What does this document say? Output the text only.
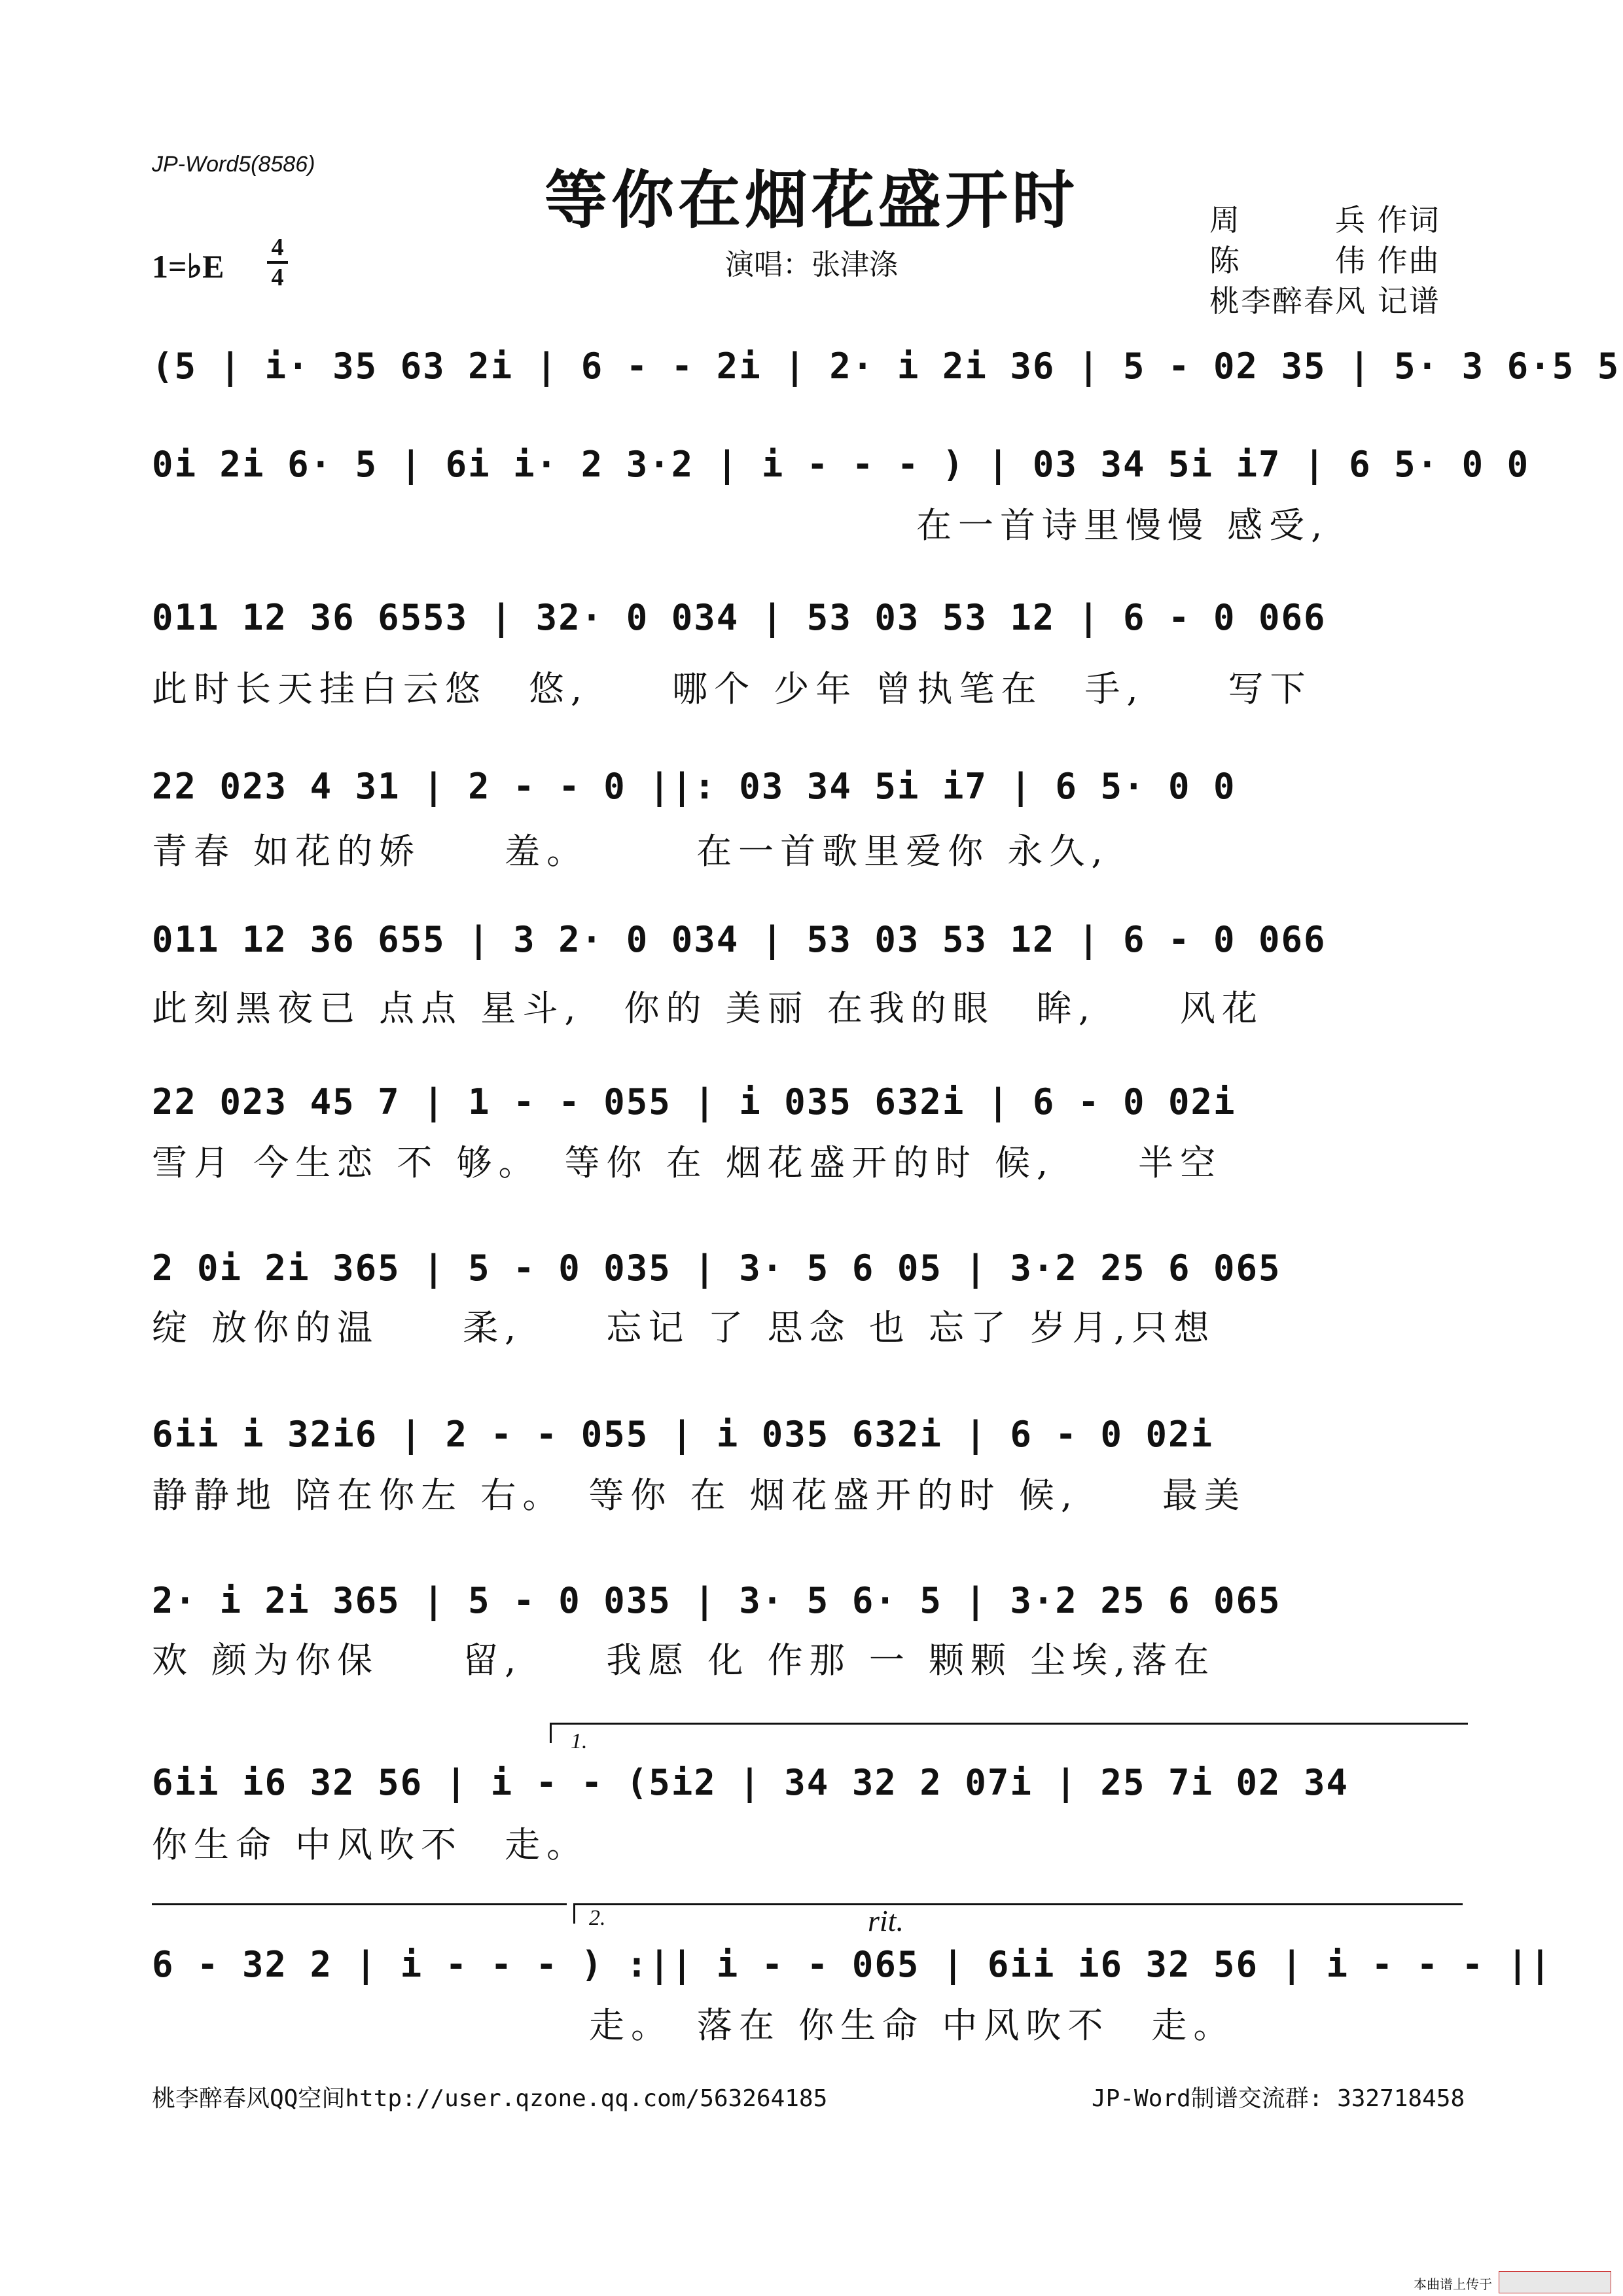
JP-Word5(8586)	等你在烟花盛开时
演唱：张津涤
周　　　兵 作词
陈　　　伟 作曲
桃李醉春风 记谱
1=♭E
4
4
(5 | i· 35 63 2i | 6 - - 2i | 2· i 2i 36 | 5 - 02 35 | 5· 3 6·5 5
0i 2i 6· 5 | 6i i· 2 3·2 | i - - - ) | 03 34 5i i7 | 6 5· 0 0
在一首诗里慢慢 感受,
011 12 36 6553 | 32· 0 034 | 53 03 53 12 | 6 - 0 066
此时长天挂白云悠　悠,　　哪个 少年 曾执笔在　手,　　写下
22 023 4 31 | 2 - - 0 ||: 03 34 5i i7 | 6 5· 0 0
青春 如花的娇　　羞。　　　在一首歌里爱你 永久,
011 12 36 655 | 3 2· 0 034 | 53 03 53 12 | 6 - 0 066
此刻黑夜已 点点 星斗,　你的 美丽 在我的眼　眸,　　风花
22 023 45 7 | 1 - - 055 | i 035 632i | 6 - 0 02i
雪月 今生恋 不 够。　等你 在 烟花盛开的时 候,　　半空
2 0i 2i 365 | 5 - 0 035 | 3· 5 6 05 | 3·2 25 6 065
绽 放你的温　　柔,　　忘记 了 思念 也 忘了 岁月,只想
6ii i 32i6 | 2 - - 055 | i 035 632i | 6 - 0 02i
静静地 陪在你左 右。　等你 在 烟花盛开的时 候,　　最美
2· i 2i 365 | 5 - 0 035 | 3· 5 6· 5 | 3·2 25 6 065
欢 颜为你保　　留,　　我愿 化 作那 一 颗颗 尘埃,落在
1.
6ii i6 32 56 | i - - (5i2 | 34 32 2 07i | 25 7i 02 34
你生命 中风吹不　走。
2.	rit.
6 - 32 2 | i - - - ) :|| i - - 065 | 6ii i6 32 56 | i - - - ||
走。　落在 你生命 中风吹不　走。
桃李醉春风QQ空间http://user.qzone.qq.com/563264185	JP-Word制谱交流群: 332718458
本曲谱上传于
